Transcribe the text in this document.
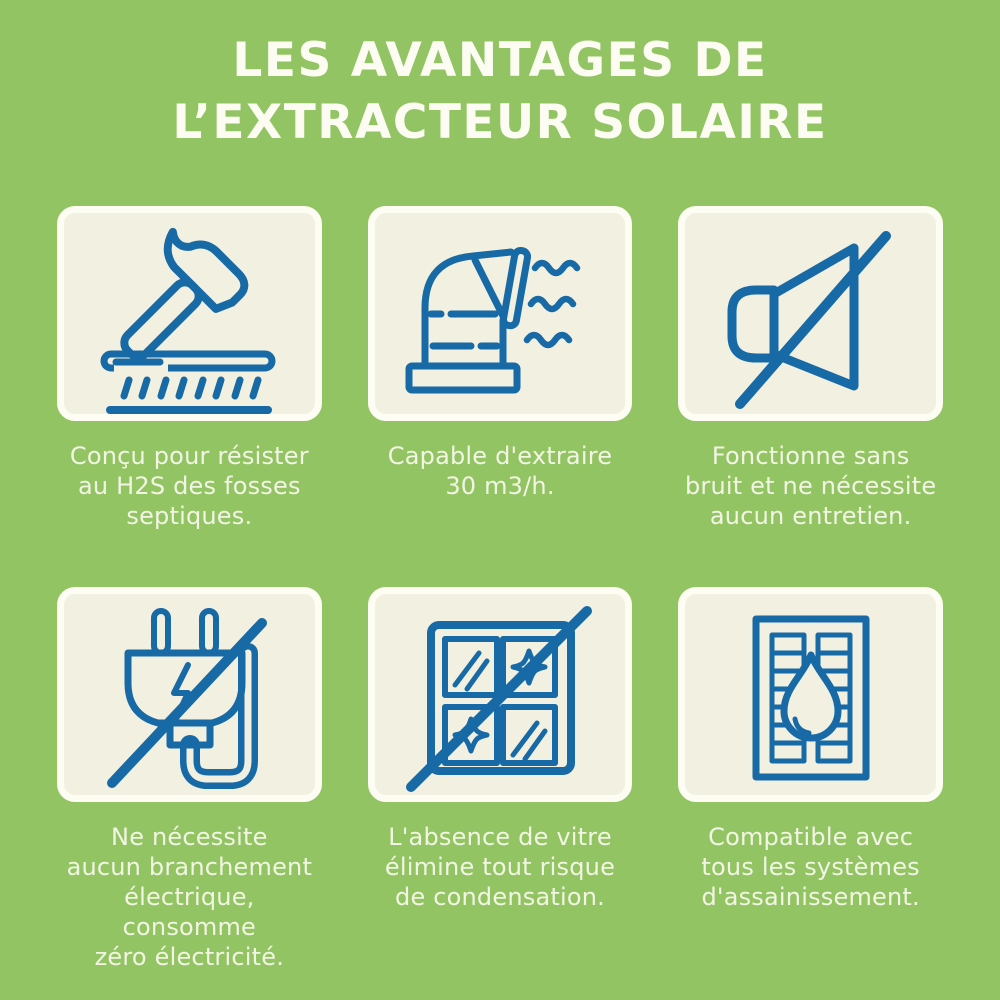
LES AVANTAGES DE
L’EXTRACTEUR SOLAIRE

Conçu pour résister
au H2S des fosses
septiques.

Capable d'extraire
30 m3/h.

Fonctionne sans
bruit et ne nécessite
aucun entretien.

Ne nécessite
aucun branchement
électrique, consomme
zéro électricité.

L'absence de vitre
élimine tout risque
de condensation.

Compatible avec
tous les systèmes
d'assainissement.
